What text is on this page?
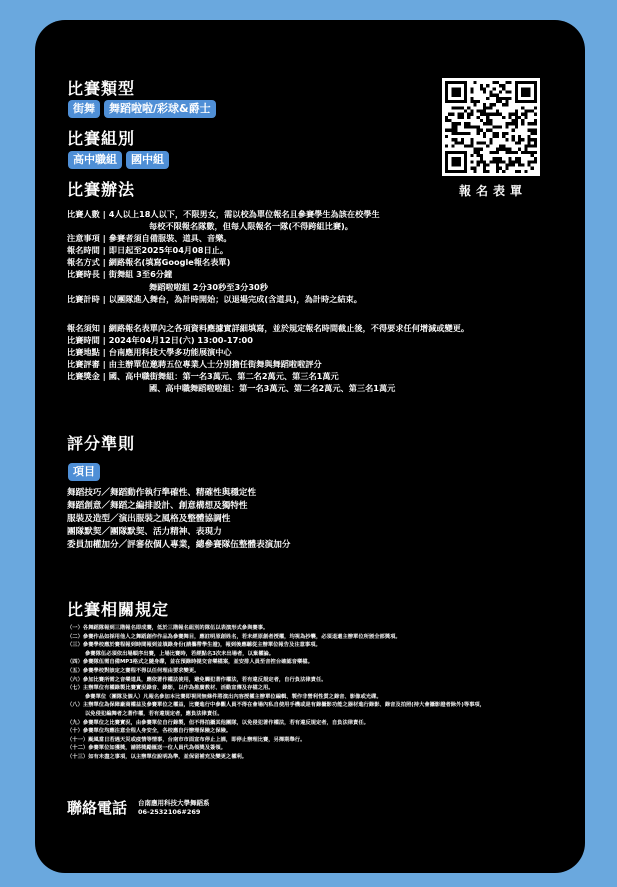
比賽類型
街舞	舞蹈啦啦/彩球&爵士
比賽組別
高中職組	國中組
比賽辦法
比賽人數 | 4人以上18人以下，不限男女，需以校為單位報名且參賽學生為該在校學生
每校不限報名隊數，但每人限報名一隊(不得跨組比賽)。
注意事項 | 參賽者須自備服裝、道具、音樂。
報名時間 | 即日起至2025年04月08日止。
報名方式 | 網路報名(填寫Google報名表單)
比賽時長 | 街舞組 3至6分鐘
舞蹈啦啦組 2分30秒至3分30秒
比賽計時 | 以團隊進入舞台，為計時開始；以退場完成(含道具)，為計時之結束。
報名須知 | 網路報名表單內之各項資料應據實詳細填寫，並於規定報名時間截止後，不得要求任何增減或變更。
比賽時間 | 2024年04月12日(六) 13:00-17:00
比賽地點 | 台南應用科技大學多功能展演中心
比賽評審 | 由主辦單位邀聘五位專業人士分別擔任街舞與舞蹈啦啦評分
比賽獎金 | 國、高中職街舞組：第一名3萬元、第二名2萬元、第三名1萬元
國、高中職舞蹈啦啦組：第一名3萬元、第二名2萬元、第三名1萬元
評分準則
項目
舞蹈技巧／舞蹈動作執行準確性、精確性與穩定性
舞蹈創意／舞蹈之編排設計、創意構想及獨特性
服裝及造型／演出服裝之風格及整體協調性
團隊默契／團隊默契、活力精神、表現力
委員加權加分／評審依個人專業，總參賽隊伍整體表演加分
比賽相關規定
（一）各舞蹈隊報到三階報名即成賽，低於三階報名組別的隊伍以表演形式參與賽事。
（二）參賽作品如採用他人之舞蹈創作作品為參賽舞目，應註明原創姓名，若未經原創者授權，均視為抄襲，必須退還主辦單位所頒全部獎項。
（三）參賽學校應於賽程報到時間報到並填錄身份(請攜帶學生證)，報到後應聽從主辦單位報告及注意事項。
參賽隊伍必須依出場順序出賽，上場比賽時，若經點名3次未出場者，以棄權論。
（四）參賽隊伍需自備MP3格式之隨身碟，並在預錄時提交音樂檔案，並安排人員至音控台確認音樂檔。
（五）參賽學校對該定之賽程不得以任何理由要求變更。
（六）參加比賽所需之音樂道具，應依著作權法使用，避免觸犯著作權法，若有違反規定者，自行負法律責任。
（七）主辦單位有權錄製比賽實況錄音、錄影，以作為推廣教材、活動宣傳及存檔之用。
參賽單位（團隊及個人）凡報名參加本比賽即視同無條件將演出內容授權主辦單位編輯、製作非營利性質之錄音、影像或光碟。
（八）主辦單位為保障廠商權益及參賽單位之權益，比賽進行中參觀人員不得在會場內私自使用手機或是有錄攝影功能之器材進行錄影、錄音及拍照(持大會攝影證者除外)等事項，
以免侵犯編舞者之著作權，若有違規定者，應負法律責任。
（九）參賽單位之比賽實況，由參賽單位自行錄製，但不得拍攝其他團隊，以免侵犯著作權法，若有違反規定者，自負法律責任。
（十）參賽單位均應注意全程人身安全，各校應自行辦理保險之保險。
（十一）颱風當日若遇天災或疫情等情事，台南市市面宣布停止上課，即停止辦理比賽，另擇期舉行。
（十二）參賽單位如獲獎，請將獎勵匯送一位人員代為領獎及簽領。
（十三）如有未盡之事項，以主辦單位說明為準，並保留補充及變更之權利。
報名表單
聯絡電話 台南應用科技大學舞蹈系
06-2532106#269
